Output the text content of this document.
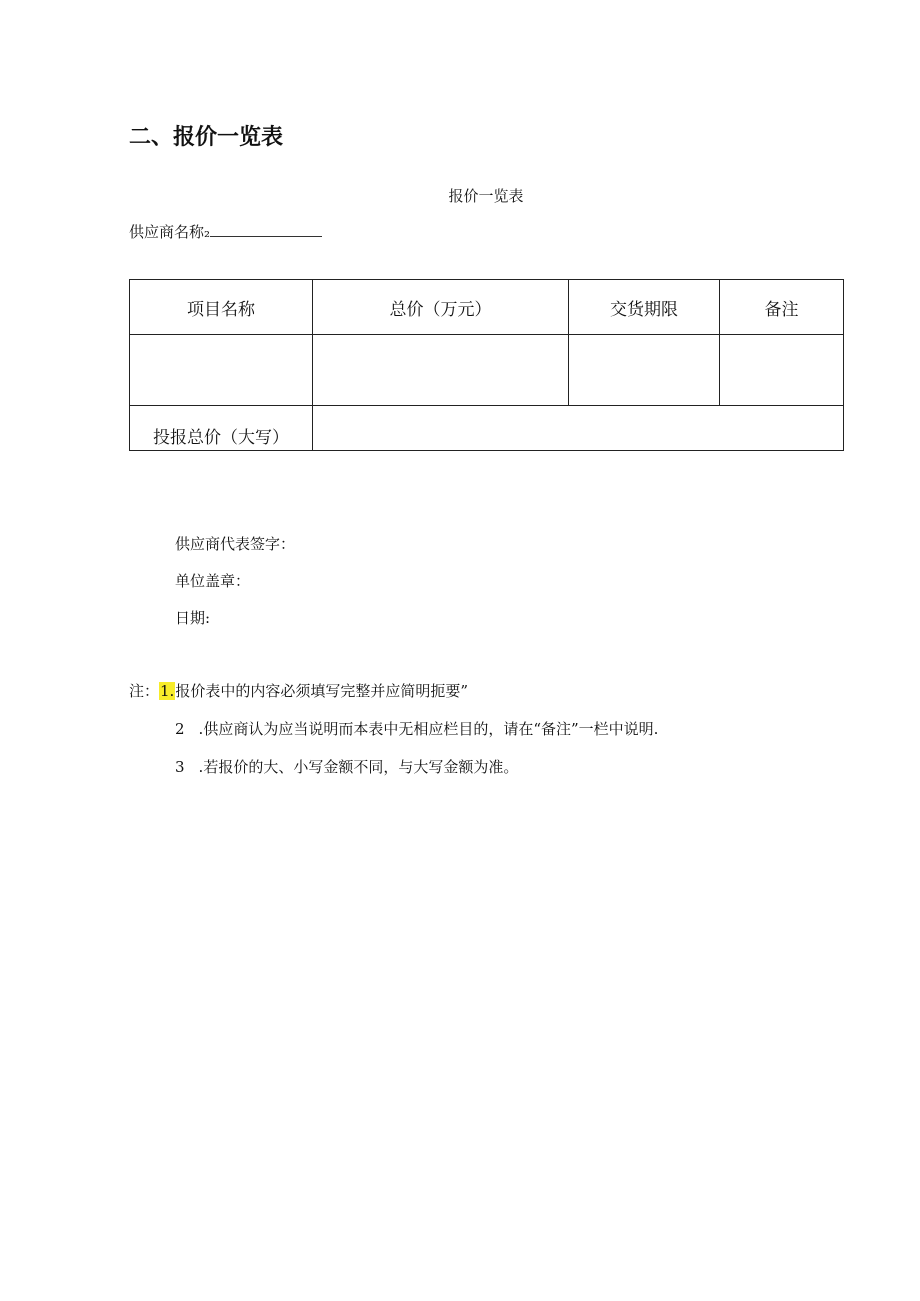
二、报价一览表
报价一览表
供应商名称₂
项目名称	总价（万元）	交货期限	备注

投报总价（大写）			
供应商代表签字：
单位盖章：
日期:
注：1.报价表中的内容必须填写完整并应简明扼要”
2 .供应商认为应当说明而本表中无相应栏目的，请在“备注”一栏中说明.
3 .若报价的大、小写金额不同，与大写金额为准。
